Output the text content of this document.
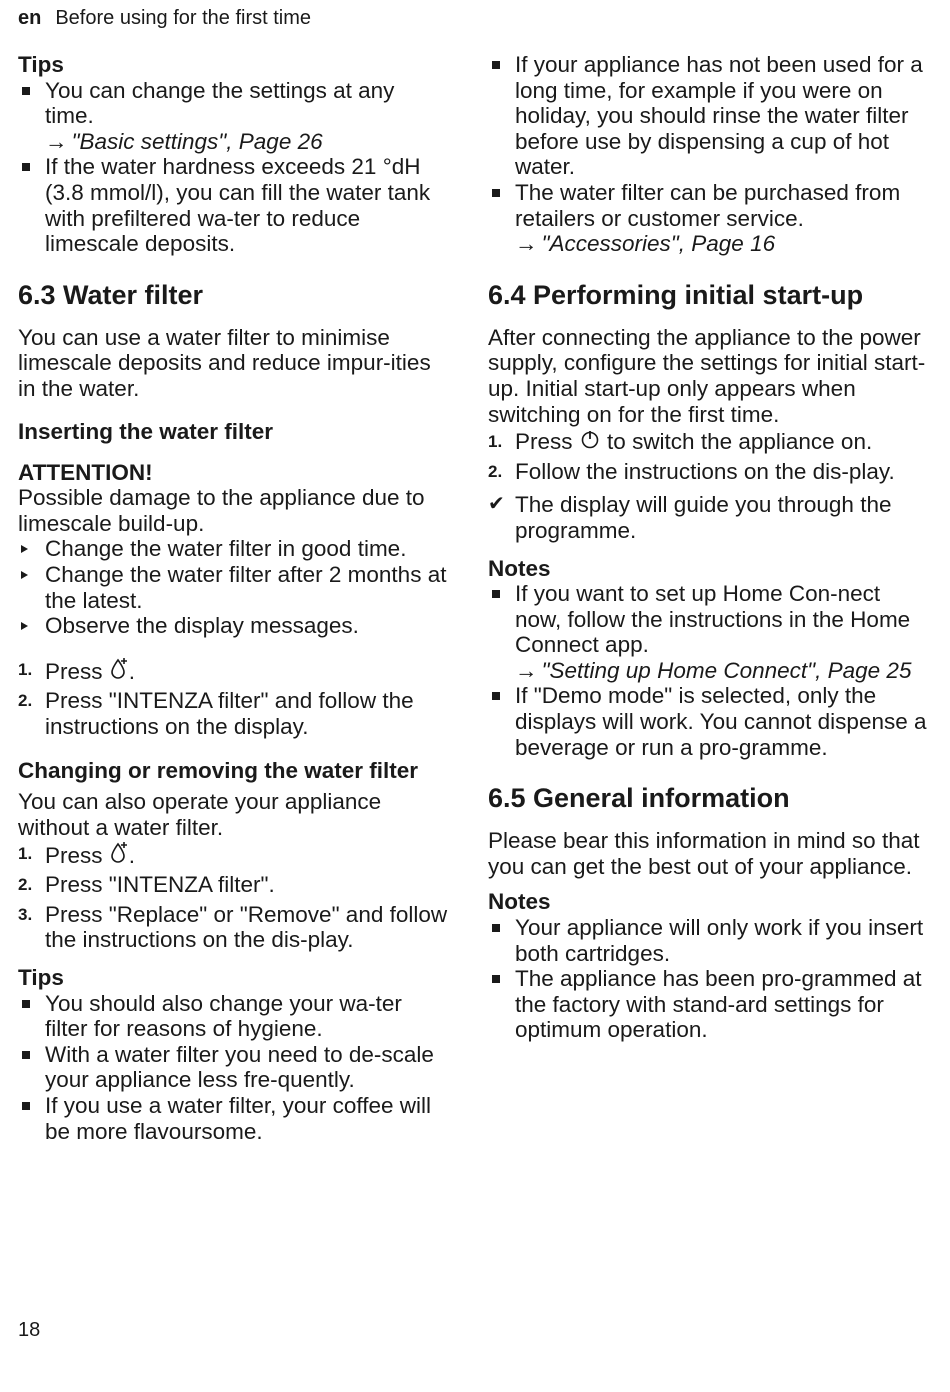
en Before using for the first time
Tips
You can change the settings at any time.
→ "Basic settings", Page 26
If the water hardness exceeds 21 °dH (3.8 mmol/l), you can fill the water tank with prefiltered wa-ter to reduce limescale deposits.
6.3 Water filter
You can use a water filter to minimise limescale deposits and reduce impur-ities in the water.
Inserting the water filter
ATTENTION!
Possible damage to the appliance due to limescale build-up.
Change the water filter in good time.
Change the water filter after 2 months at the latest.
Observe the display messages.
1. Press .
2. Press "INTENZA filter" and follow the instructions on the display.
Changing or removing the water filter
You can also operate your appliance without a water filter.
1. Press .
2. Press "INTENZA filter".
3. Press "Replace" or "Remove" and follow the instructions on the dis-play.
Tips
You should also change your wa-ter filter for reasons of hygiene.
With a water filter you need to de-scale your appliance less fre-quently.
If you use a water filter, your coffee will be more flavoursome.
If your appliance has not been used for a long time, for example if you were on holiday, you should rinse the water filter before use by dispensing a cup of hot water.
The water filter can be purchased from retailers or customer service.
→ "Accessories", Page 16
6.4 Performing initial start-up
After connecting the appliance to the power supply, configure the settings for initial start-up. Initial start-up only appears when switching on for the first time.
1. Press to switch the appliance on.
2. Follow the instructions on the dis-play.
✔ The display will guide you through the programme.
Notes
If you want to set up Home Con-nect now, follow the instructions in the Home Connect app.
→ "Setting up Home Connect", Page 25
If "Demo mode" is selected, only the displays will work. You cannot dispense a beverage or run a pro-gramme.
6.5 General information
Please bear this information in mind so that you can get the best out of your appliance.
Notes
Your appliance will only work if you insert both cartridges.
The appliance has been pro-grammed at the factory with stand-ard settings for optimum operation.
18
